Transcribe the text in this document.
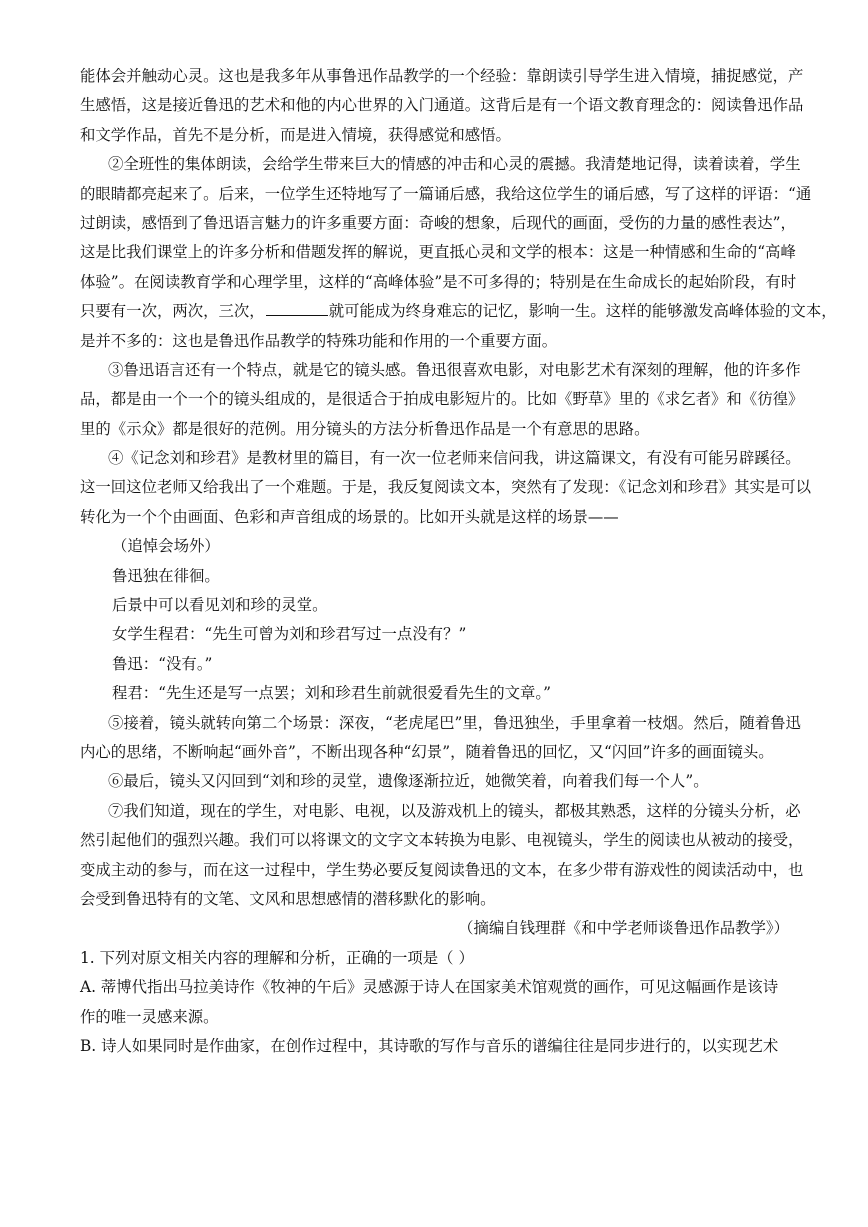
能体会并触动心灵。这也是我多年从事鲁迅作品教学的一个经验：靠朗读引导学生进入情境，捕捉感觉，产
生感悟，这是接近鲁迅的艺术和他的内心世界的入门通道。这背后是有一个语文教育理念的：阅读鲁迅作品
和文学作品，首先不是分析，而是进入情境，获得感觉和感悟。
②全班性的集体朗读，会给学生带来巨大的情感的冲击和心灵的震撼。我清楚地记得，读着读着，学生
的眼睛都亮起来了。后来，一位学生还特地写了一篇诵后感，我给这位学生的诵后感，写了这样的评语：“通
过朗读，感悟到了鲁迅语言魅力的许多重要方面：奇峻的想象，后现代的画面，受伤的力量的感性表达”，
这是比我们课堂上的许多分析和借题发挥的解说，更直抵心灵和文学的根本：这是一种情感和生命的“高峰
体验”。在阅读教育学和心理学里，这样的“高峰体验”是不可多得的；特别是在生命成长的起始阶段，有时
只要有一次，两次，三次，	就可能成为终身难忘的记忆，影响一生。这样的能够激发高峰体验的文本，
是并不多的：这也是鲁迅作品教学的特殊功能和作用的一个重要方面。
③鲁迅语言还有一个特点，就是它的镜头感。鲁迅很喜欢电影，对电影艺术有深刻的理解，他的许多作
品，都是由一个一个的镜头组成的，是很适合于拍成电影短片的。比如《野草》里的《求乞者》和《彷徨》
里的《示众》都是很好的范例。用分镜头的方法分析鲁迅作品是一个有意思的思路。
④《记念刘和珍君》是教材里的篇目，有一次一位老师来信问我，讲这篇课文，有没有可能另辟蹊径。
这一回这位老师又给我出了一个难题。于是，我反复阅读文本，突然有了发现：《记念刘和珍君》其实是可以
转化为一个个由画面、色彩和声音组成的场景的。比如开头就是这样的场景——
（追悼会场外）
鲁迅独在徘徊。
后景中可以看见刘和珍的灵堂。
女学生程君：“先生可曾为刘和珍君写过一点没有？”
鲁迅：“没有。”
程君：“先生还是写一点罢；刘和珍君生前就很爱看先生的文章。”
⑤接着，镜头就转向第二个场景：深夜，“老虎尾巴”里，鲁迅独坐，手里拿着一枝烟。然后，随着鲁迅
内心的思绪，不断响起“画外音”，不断出现各种“幻景”，随着鲁迅的回忆，又“闪回”许多的画面镜头。
⑥最后，镜头又闪回到“刘和珍的灵堂，遗像逐渐拉近，她微笑着，向着我们每一个人”。
⑦我们知道，现在的学生，对电影、电视，以及游戏机上的镜头，都极其熟悉，这样的分镜头分析，必
然引起他们的强烈兴趣。我们可以将课文的文字文本转换为电影、电视镜头，学生的阅读也从被动的接受，
变成主动的参与，而在这一过程中，学生势必要反复阅读鲁迅的文本，在多少带有游戏性的阅读活动中，也
会受到鲁迅特有的文笔、文风和思想感情的潜移默化的影响。
（摘编自钱理群《和中学老师谈鲁迅作品教学》）
1. 下列对原文相关内容的理解和分析，正确的一项是（ ）
A. 蒂博代指出马拉美诗作《牧神的午后》灵感源于诗人在国家美术馆观赏的画作，可见这幅画作是该诗
作的唯一灵感来源。
B. 诗人如果同时是作曲家，在创作过程中，其诗歌的写作与音乐的谱编往往是同步进行的，以实现艺术
